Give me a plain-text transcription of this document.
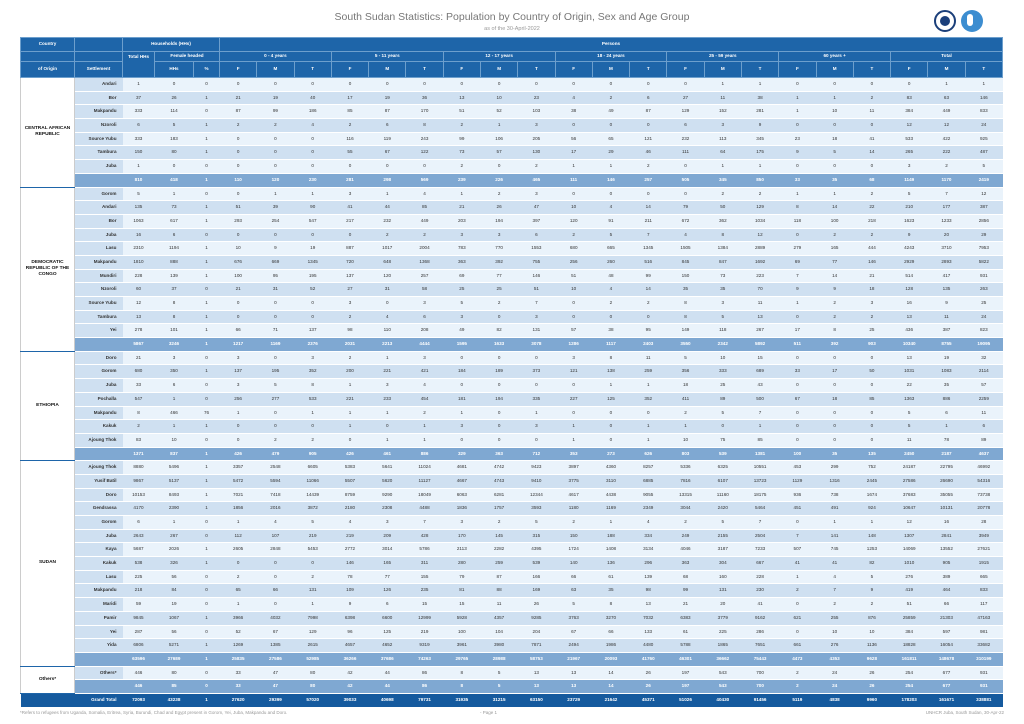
South Sudan Statistics: Population by Country of Origin, Sex and Age Group
as of the 30-April-2022
Country		Households (HHs)			Persons																				
		Total HHs	Female headed		0 - 4 years			5 - 11 years			12 - 17 years			18 - 24 years			25 - 59 years			60 years +			Total		
of Origin	Settlement		HHs	%	F	M	T	F	M	T	F	M	T	F	M	T	F	M	T	F	M	T	F	M	T
CENTRAL AFRICAN REPUBLIC	Andari	1	0	0	0	0	0	0	0	0	0	0	0	0	0	0	0	1	1	0	0	0	0	1	1
	Bor	37	26	1	21	19	40	17	19	36	13	10	23	4	2	6	27	11	38	1	1	2	83	63	146
	Makpandu	333	114	0	87	99	186	85	87	170	51	52	103	38	49	87	129	152	281	1	10	11	384	449	833
	Nzoroli	6	5	1	2	2	4	2	6	8	2	1	3	0	0	0	6	3	9	0	0	0	12	12	24
	Source Yubu	333	183	1	0	0	0	116	119	243	99	106	205	56	65	121	232	113	345	23	18	41	533	422	925
	Tambura	150	80	1	0	0	0	55	67	122	73	57	130	17	29	46	111	64	175	9	5	14	265	222	487
	Juba	1	0	0	0	0	0	0	0	0	2	0	2	1	1	2	0	1	1	0	0	0	3	2	5
		810	418	1	110	120	230	281	298	569	239	226	465	111	146	257	505	345	850	33	35	68	1149	1170	2419
DEMOCRATIC REPUBLIC OF THE CONGO	Gorom	5	1	0	0	1	1	3	1	4	1	2	3	0	0	0	0	2	2	1	1	2	5	7	12
	Andari	135	73	1	51	39	90	41	44	85	21	26	47	10	4	14	79	50	129	8	14	22	210	177	387
	Bor	1063	617	1	293	254	547	217	232	449	203	194	397	120	91	211	672	362	1034	118	100	218	1623	1233	2856
	Juba	16	6	0	0	0	0	0	2	2	3	3	6	2	5	7	4	8	12	0	2	2	9	20	29
	Lasu	2310	1194	1	10	9	19	887	1017	2004	783	770	1553	680	665	1345	1505	1384	2889	279	165	444	4243	3710	7953
	Makpandu	1810	888	1	676	669	1345	720	648	1368	363	392	755	256	260	516	845	847	1692	69	77	146	2929	2893	5822
	Mundiri	228	139	1	100	95	195	137	120	257	69	77	146	51	48	99	150	73	223	7	14	21	514	417	931
	Nzoroli	60	37	0	21	31	52	27	31	58	25	25	51	10	4	14	35	35	70	9	9	18	128	135	263
	Source Yubu	12	8	1	0	0	0	3	0	3	5	2	7	0	2	2	8	3	11	1	2	3	16	9	25
	Tambura	13	8	1	0	0	0	2	4	6	3	0	3	0	0	0	8	5	13	0	2	2	13	11	24
	Yei	278	101	1	66	71	137	98	110	208	49	82	131	57	38	95	149	118	267	17	8	25	436	387	823
		5867	3246	1	1217	1169	2376	2031	2213	4444	1595	1633	3078	1286	1117	2403	3550	2342	5892	511	392	903	10340	8755	19095
ETHIOPIA	Doro	21	3	0	3	0	3	2	1	3	0	0	0	3	8	11	5	10	15	0	0	0	13	19	32
	Gorom	680	350	1	137	195	352	200	221	421	184	189	373	121	138	259	356	333	689	33	17	50	1031	1083	2114
	Juba	33	6	0	3	5	8	1	3	4	0	0	0	0	1	1	18	25	43	0	0	0	22	35	57
	Pochalla	547	1	0	256	277	533	221	233	454	181	194	335	227	125	352	411	89	500	67	18	85	1363	886	2259
	Makpandu	8	466	76	1	0	1	1	1	2	1	0	1	0	0	0	2	5	7	0	0	0	5	6	11
	Kakuk	2	1	1	0	0	0	1	0	1	3	0	3	1	0	1	1	0	1	0	0	0	5	1	6
	Ajoung Thok	83	10	0	0	2	2	0	1	1	0	0	0	1	0	1	10	75	85	0	0	0	11	78	89
		1371	837	1	426	479	905	426	461	886	329	363	712	353	273	626	803	539	1381	100	35	135	2450	2187	4637
SUDAN	Ajoung Thok	8880	5496	1	3357	2548	6605	5383	5641	11024	4681	4742	9423	3897	4360	8257	5336	6325	10551	453	299	752	24187	22795	46992
	Yusif Batil	9867	5137	1	5472	5594	11066	5507	5620	11127	4667	4743	9410	3775	3110	6885	7816	6107	13723	1129	1316	2445	27586	26690	54316
	Doro	10153	8493	1	7021	7418	14439	8759	9290	18049	6063	6281	12344	4617	4438	9055	13315	11160	18175	936	738	1674	37683	35055	73738
	Gendrassa	4170	2390	1	1856	2016	3872	2180	2308	4488	1836	1757	3593	1180	1169	2349	3044	2420	5464	451	491	924	10647	10131	20778
	Gorom	6	1	0	1	4	5	4	3	7	3	2	5	2	1	4	2	5	7	0	1	1	12	16	28
	Juba	2643	267	0	112	107	219	219	209	428	170	145	315	150	188	334	249	2155	2504	7	141	148	1307	2841	3949
	Kaya	5687	2026	1	2605	2848	5453	2772	3014	5786	2113	2282	4395	1724	1408	3134	4046	3187	7233	507	745	1253	14069	13552	27621
	Kakuk	538	326	1	0	0	0	146	165	311	280	259	539	140	136	296	363	304	667	41	41	82	1010	905	1915
	Lasu	225	56	0	2	0	2	78	77	155	79	87	166	66	61	139	68	160	228	1	4	5	276	389	665
	Makpandu	218	84	0	65	66	131	109	126	235	81	88	169	63	35	98	99	131	230	2	7	9	419	464	833
	Maridi	59	19	0	1	0	1	9	6	15	15	11	26	5	8	13	21	20	41	0	2	2	51	66	117
	Pamir	9845	1067	1	3966	4032	7998	6398	6600	12999	5928	4357	9285	3763	3270	7032	6383	3779	9162	621	255	876	25859	21303	47163
	Yei	287	56	0	52	67	129	96	125	219	100	104	204	67	66	133	61	225	286	0	10	10	384	597	981
	Yida	6806	5271	1	1269	1385	2615	4657	4652	9319	3961	3980	7871	2494	1986	4480	5788	1865	7651	661	276	1136	18828	16054	33682
		63596	27689	1	25835	27586	52985	36266	37686	74263	29765	28988	58753	21967	20093	41760	46301	36662	75443	4473	4353	9628	161811	148678	310199
Others*	Others*	446	80	0	33	47	80	42	44	86	8	5	13	13	14	26	197	543	700	2	24	26	254	677	931
		446	85	0	33	47	80	42	44	86	8	5	13	13	14	26	197	543	700	2	24	26	254	677	931
Grand Total		72093	43238	1	27620	29399	57020	39033	40698	79731	31935	31215	63150	23729	21642	45371	51026	40430	91456	5119	4838	9960	178203	161671	338881
*Refers to refugees from Uganda, Somalia, Eritrea, Syria, Burundi, Chad and Egypt present in Gorom, Yei, Juba, Makpandu and Doro.	- Page 1	UNHCR Juba, South Sudan, 30-Apr-22
